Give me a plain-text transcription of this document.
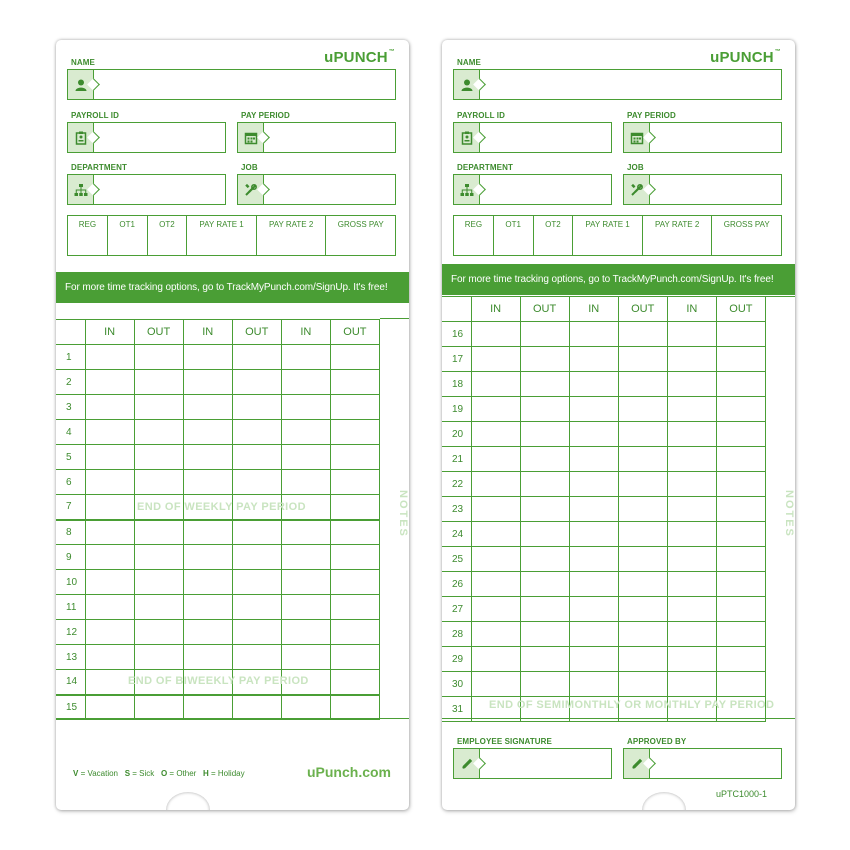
uPUNCH™
NAME
PAYROLL ID	PAY PERIOD
DEPARTMENT	JOB
REG	OT1	OT2	PAY RATE 1	PAY RATE 2	GROSS PAY
For more time tracking options, go to TrackMyPunch.com/SignUp. It's free!
	IN	OUT	IN	OUT	IN	OUT
1						
2						
3						
4						
5						
6						
7						
8						
9						
10						
11						
12						
13						
14						
15						
NOTES
END OF WEEKLY PAY PERIOD
END OF BIWEEKLY PAY PERIOD
V = Vacation S = Sick O = Other H = Holiday	uPunch.com
uPUNCH™
NAME
PAYROLL ID	PAY PERIOD
DEPARTMENT	JOB
REG	OT1	OT2	PAY RATE 1	PAY RATE 2	GROSS PAY
For more time tracking options, go to TrackMyPunch.com/SignUp. It's free!
	IN	OUT	IN	OUT	IN	OUT
16						
17						
18						
19						
20						
21						
22						
23						
24						
25						
26						
27						
28						
29						
30						
31						
NOTES
END OF SEMIMONTHLY OR MONTHLY PAY PERIOD
EMPLOYEE SIGNATURE	APPROVED BY
uPTC1000-1
